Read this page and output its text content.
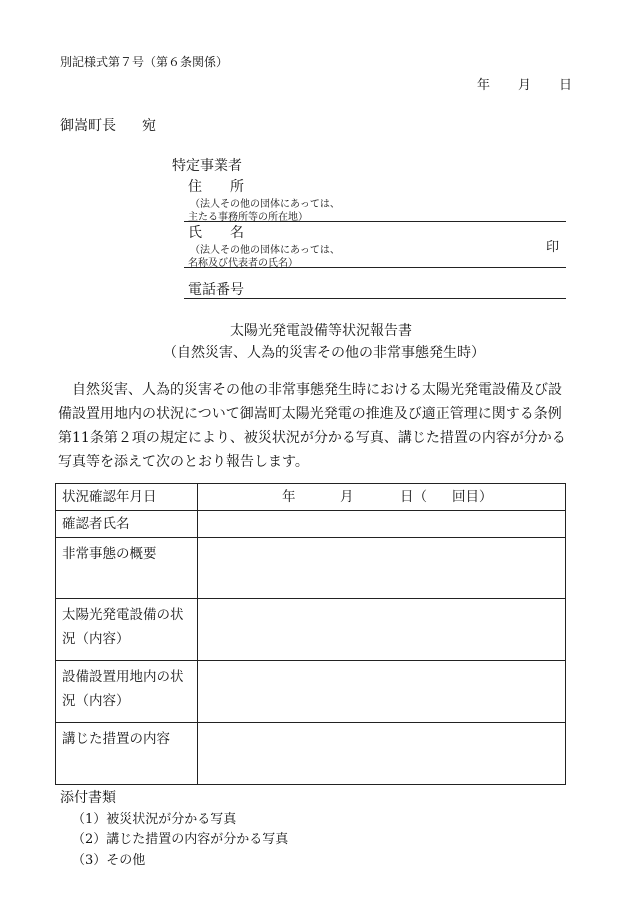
別記様式第７号（第６条関係）
年 月 日
御嵩町長 宛
特定事業者
住　　所
（法人その他の団体にあっては、
主たる事務所等の所在地）
氏　　名
（法人その他の団体にあっては、
名称及び代表者の氏名）
印
電話番号
太陽光発電設備等状況報告書
（自然災害、人為的災害その他の非常事態発生時）
自然災害、人為的災害その他の非常事態発生時における太陽光発電設備及び設備設置用地内の状況について御嵩町太陽光発電の推進及び適正管理に関する条例第11条第２項の規定により、被災状況が分かる写真、講じた措置の内容が分かる写真等を添えて次のとおり報告します。
状況確認年月日	年 月 日（ 回目）

確認者氏名	
非常事態の概要	
太陽光発電設備の状況（内容）	
設備設置用地内の状況（内容）	
講じた措置の内容	
添付書類
（1）被災状況が分かる写真
（2）講じた措置の内容が分かる写真
（3）その他
